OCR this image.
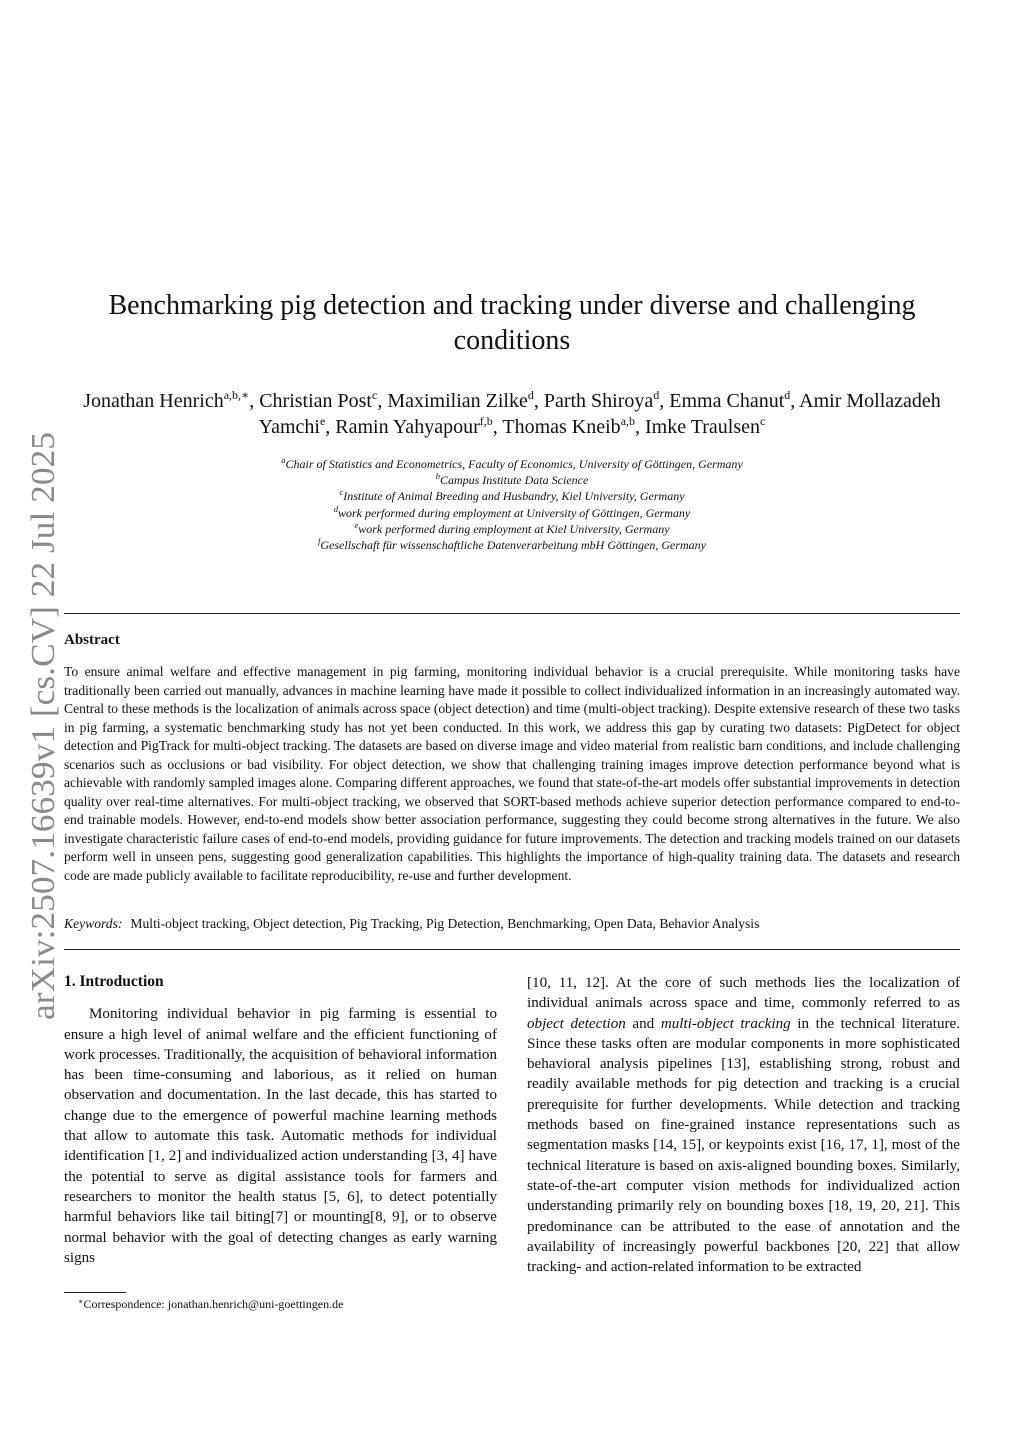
arXiv:2507.16639v1 [cs.CV] 22 Jul 2025
Benchmarking pig detection and tracking under diverse and challenging conditions
Jonathan Henrich$^{a,b,∗}$, Christian Post$^c$, Maximilian Zilke$^d$, Parth Shiroya$^d$, Emma Chanut$^d$, Amir Mollazadeh Yamchi$^e$, Ramin Yahyapour$^{f,b}$, Thomas Kneib$^{a,b}$, Imke Traulsen$^c$
$^a$Chair of Statistics and Econometrics, Faculty of Economics, University of Göttingen, Germany
$^b$Campus Institute Data Science
$^c$Institute of Animal Breeding and Husbandry, Kiel University, Germany
$^d$work performed during employment at University of Göttingen, Germany
$^e$work performed during employment at Kiel University, Germany
$^f$Gesellschaft für wissenschaftliche Datenverarbeitung mbH Göttingen, Germany
Abstract

To ensure animal welfare and effective management in pig farming, monitoring individual behavior is a crucial prerequisite. While monitoring tasks have traditionally been carried out manually, advances in machine learning have made it possible to collect individualized information in an increasingly automated way. Central to these methods is the localization of animals across space (object detection) and time (multi-object tracking). Despite extensive research of these two tasks in pig farming, a systematic benchmarking study has not yet been conducted. In this work, we address this gap by curating two datasets: PigDetect for object detection and PigTrack for multi-object tracking. The datasets are based on diverse image and video material from realistic barn conditions, and include challenging scenarios such as occlusions or bad visibility. For object detection, we show that challenging training images improve detection performance beyond what is achievable with randomly sampled images alone. Comparing different approaches, we found that state-of-the-art models offer substantial improvements in detection quality over real-time alternatives. For multi-object tracking, we observed that SORT-based methods achieve superior detection performance compared to end-to-end trainable models. However, end-to-end models show better association performance, suggesting they could become strong alternatives in the future. We also investigate characteristic failure cases of end-to-end models, providing guidance for future improvements. The detection and tracking models trained on our datasets perform well in unseen pens, suggesting good generalization capabilities. This highlights the importance of high-quality training data. The datasets and research code are made publicly available to facilitate reproducibility, re-use and further development.

Keywords: Multi-object tracking, Object detection, Pig Tracking, Pig Detection, Benchmarking, Open Data, Behavior Analysis
1. Introduction

Monitoring individual behavior in pig farming is essential to ensure a high level of animal welfare and the efficient functioning of work processes. Traditionally, the acquisition of behavioral information has been time-consuming and laborious, as it relied on human observation and documentation. In the last decade, this has started to change due to the emergence of powerful machine learning methods that allow to automate this task. Automatic methods for individual identification [1, 2] and individualized action understanding [3, 4] have the potential to serve as digital assistance tools for farmers and researchers to monitor the health status [5, 6], to detect potentially harmful behaviors like tail biting[7] or mounting[8, 9], or to observe normal behavior with the goal of detecting changes as early warning signs

[10, 11, 12]. At the core of such methods lies the localization of individual animals across space and time, commonly referred to as object detection and multi-object tracking in the technical literature. Since these tasks often are modular components in more sophisticated behavioral analysis pipelines [13], establishing strong, robust and readily available methods for pig detection and tracking is a crucial prerequisite for further developments. While detection and tracking methods based on fine-grained instance representations such as segmentation masks [14, 15], or keypoints exist [16, 17, 1], most of the technical literature is based on axis-aligned bounding boxes. Similarly, state-of-the-art computer vision methods for individualized action understanding primarily rely on bounding boxes [18, 19, 20, 21]. This predominance can be attributed to the ease of annotation and the availability of increasingly powerful backbones [20, 22] that allow tracking- and action-related information to be extracted

∗Correspondence: jonathan.henrich@uni-goettingen.de
